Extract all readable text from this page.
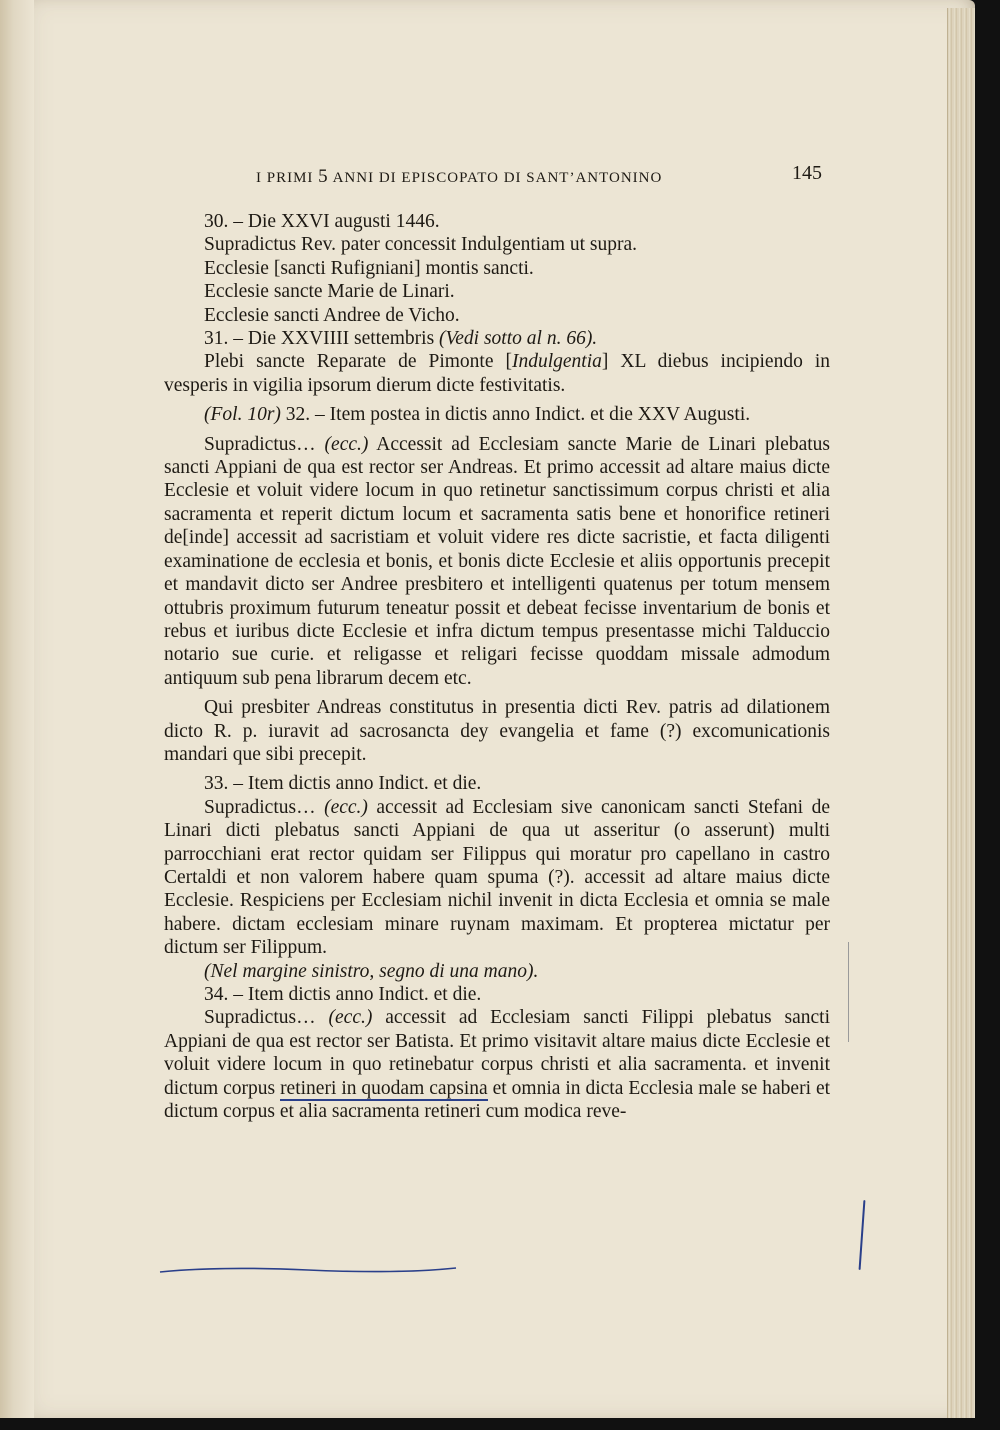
I PRIMI 5 ANNI DI EPISCOPATO DI SANT’ANTONINO	145

30. – Die XXVI augusti 1446.

Supradictus Rev. pater concessit Indulgentiam ut supra.

Ecclesie [sancti Rufigniani] montis sancti.

Ecclesie sancte Marie de Linari.

Ecclesie sancti Andree de Vicho.

31. – Die XXVIIII settembris (Vedi sotto al n. 66).

Plebi sancte Reparate de Pimonte [Indulgentia] XL diebus incipiendo in vesperis in vigilia ipsorum dierum dicte festivitatis.

(Fol. 10r) 32. – Item postea in dictis anno Indict. et die XXV Augusti.

Supradictus… (ecc.) Accessit ad Ecclesiam sancte Marie de Linari plebatus sancti Appiani de qua est rector ser Andreas. Et primo accessit ad altare maius dicte Ecclesie et voluit videre locum in quo retinetur sanctissimum corpus christi et alia sacramenta et reperit dictum locum et sacramenta satis bene et honorifice retineri de[inde] accessit ad sacristiam et voluit videre res dicte sacristie, et facta diligenti examinatione de ecclesia et bonis, et bonis dicte Ecclesie et aliis opportunis precepit et mandavit dicto ser Andree presbitero et intelligenti quatenus per totum mensem ottubris proximum futurum teneatur possit et debeat fecisse inventarium de bonis et rebus et iuribus dicte Ecclesie et infra dictum tempus presentasse michi Talduccio notario sue curie. et religasse et religari fecisse quoddam missale admodum antiquum sub pena librarum decem etc.

Qui presbiter Andreas constitutus in presentia dicti Rev. patris ad dilationem dicto R. p. iuravit ad sacrosancta dey evangelia et fame (?) excomunicationis mandari que sibi precepit.

33. – Item dictis anno Indict. et die.

Supradictus… (ecc.) accessit ad Ecclesiam sive canonicam sancti Stefani de Linari dicti plebatus sancti Appiani de qua ut asseritur (o asserunt) multi parrocchiani erat rector quidam ser Filippus qui moratur pro capellano in castro Certaldi et non valorem habere quam spuma (?). accessit ad altare maius dicte Ecclesie. Respiciens per Ecclesiam nichil invenit in dicta Ecclesia et omnia se male habere. dictam ecclesiam minare ruynam maximam. Et propterea mictatur per dictum ser Filippum.

(Nel margine sinistro, segno di una mano).

34. – Item dictis anno Indict. et die.

Supradictus… (ecc.) accessit ad Ecclesiam sancti Filippi plebatus sancti Appiani de qua est rector ser Batista. Et primo visitavit altare maius dicte Ecclesie et voluit videre locum in quo retinebatur corpus christi et alia sacramenta. et invenit dictum corpus retineri in quodam capsina et omnia in dicta Ecclesia male se haberi et dictum corpus et alia sacramenta retineri cum modica reve-
